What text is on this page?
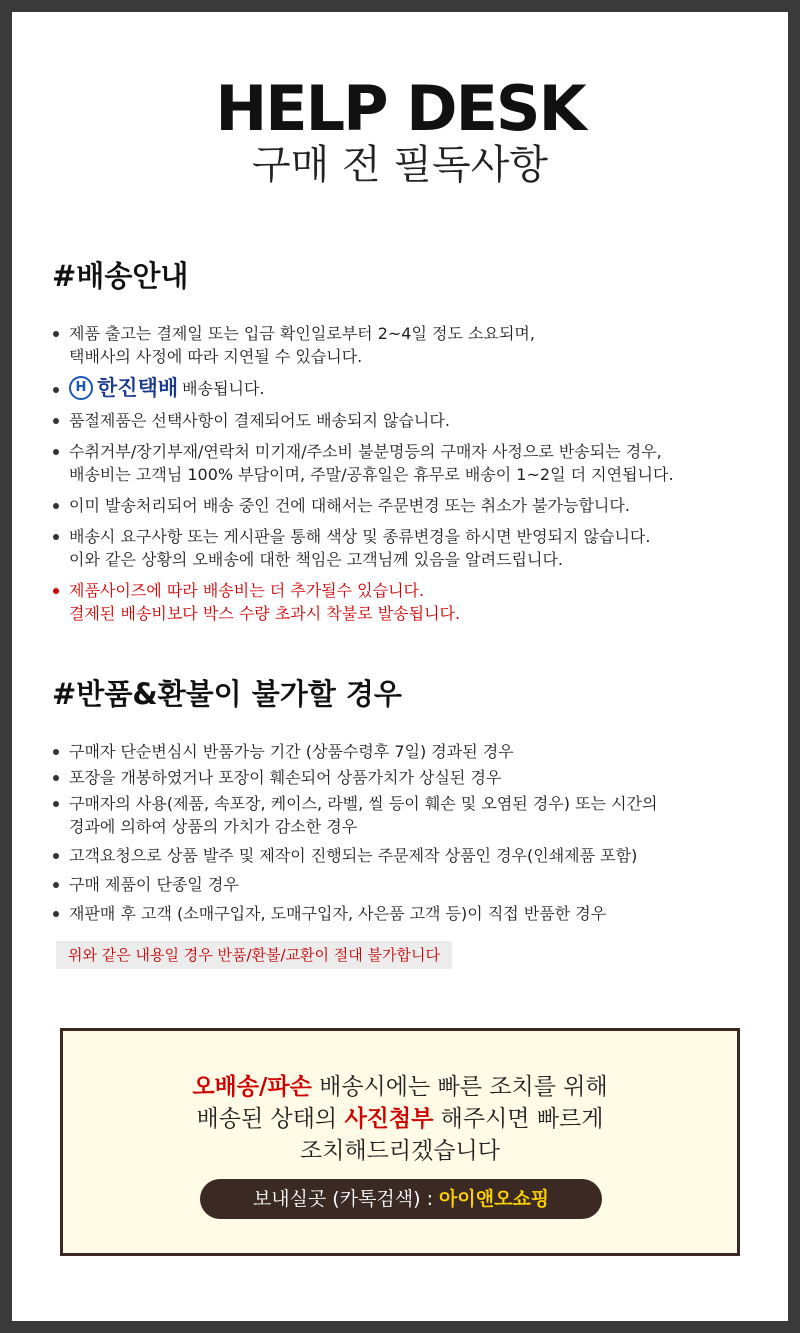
HELP DESK
구매 전 필독사항
#배송안내
제품 출고는 결제일 또는 입금 확인일로부터 2~4일 정도 소요되며,
택배사의 사정에 따라 지연될 수 있습니다.
H 한진택배 배송됩니다.
품절제품은 선택사항이 결제되어도 배송되지 않습니다.
수취거부/장기부재/연락처 미기재/주소비 불분명등의 구매자 사정으로 반송되는 경우,
배송비는 고객님 100% 부담이며, 주말/공휴일은 휴무로 배송이 1~2일 더 지연됩니다.
이미 발송처리되어 배송 중인 건에 대해서는 주문변경 또는 취소가 불가능합니다.
배송시 요구사항 또는 게시판을 통해 색상 및 종류변경을 하시면 반영되지 않습니다.
이와 같은 상황의 오배송에 대한 책임은 고객님께 있음을 알려드립니다.
제품사이즈에 따라 배송비는 더 추가될수 있습니다.
결제된 배송비보다 박스 수량 초과시 착불로 발송됩니다.
#반품&환불이 불가할 경우
구매자 단순변심시 반품가능 기간 (상품수령후 7일) 경과된 경우
포장을 개봉하였거나 포장이 훼손되어 상품가치가 상실된 경우
구매자의 사용(제품, 속포장, 케이스, 라벨, 씰 등이 훼손 및 오염된 경우) 또는 시간의
경과에 의하여 상품의 가치가 감소한 경우
고객요청으로 상품 발주 및 제작이 진행되는 주문제작 상품인 경우(인쇄제품 포함)
구매 제품이 단종일 경우
재판매 후 고객 (소매구입자, 도매구입자, 사은품 고객 등)이 직접 반품한 경우
위와 같은 내용일 경우 반품/환불/교환이 절대 불가합니다
오배송/파손 배송시에는 빠른 조치를 위해
배송된 상태의 사진첨부 해주시면 빠르게
조치해드리겠습니다
보내실곳 (카톡검색) : 아이앤오쇼핑
